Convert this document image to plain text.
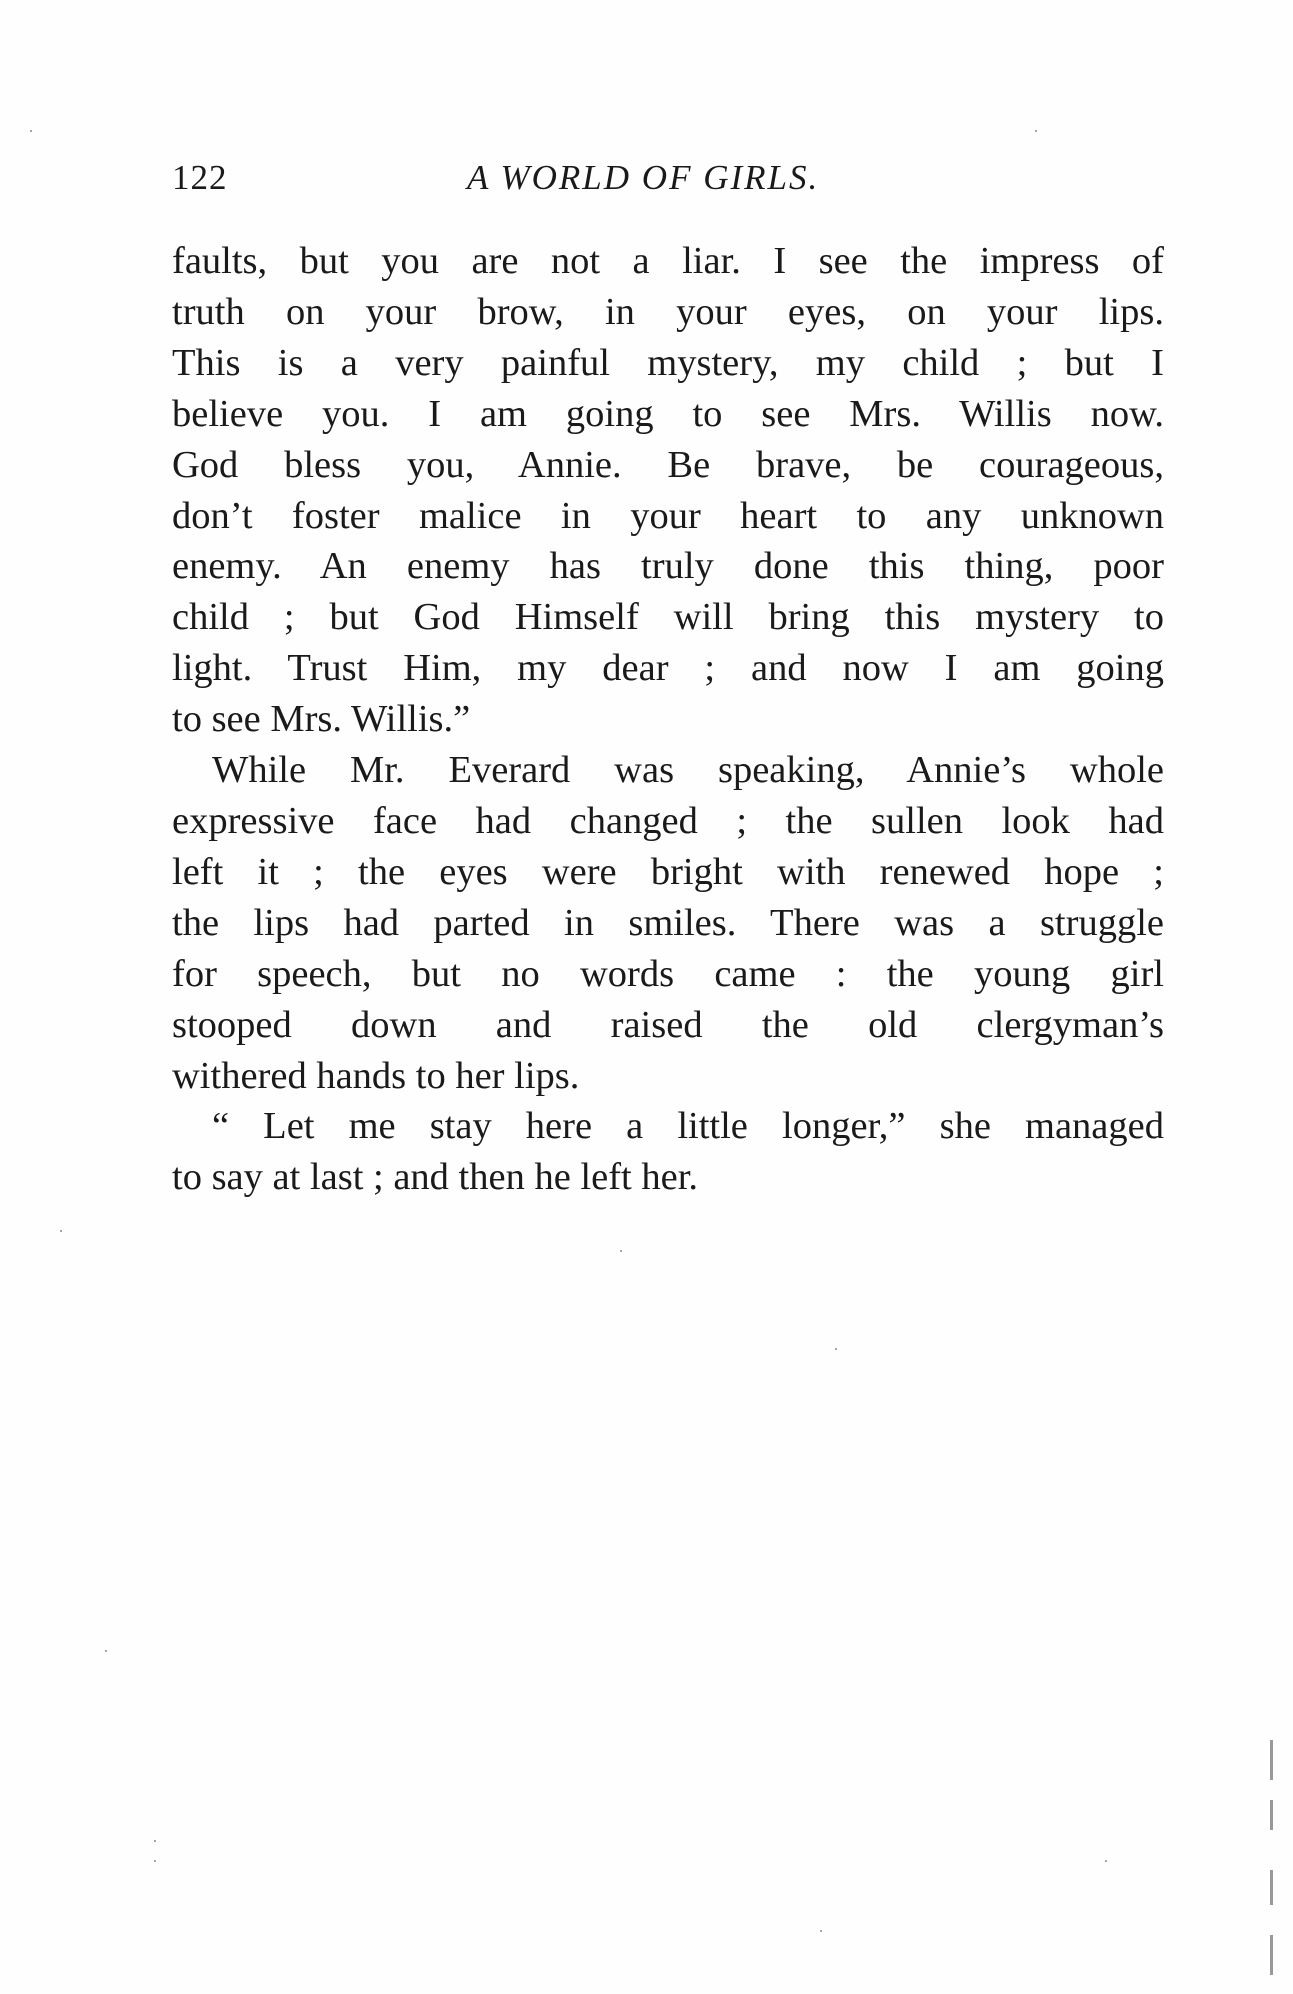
122	A WORLD OF GIRLS.
faults, but you are not a liar. I see the impress of
truth on your brow, in your eyes, on your lips.
This is a very painful mystery, my child ; but I
believe you. I am going to see Mrs. Willis now.
God bless you, Annie. Be brave, be courageous,
don’t foster malice in your heart to any unknown
enemy. An enemy has truly done this thing, poor
child ; but God Himself will bring this mystery to
light. Trust Him, my dear ; and now I am going
to see Mrs. Willis.”
While Mr. Everard was speaking, Annie’s whole
expressive face had changed ; the sullen look had
left it ; the eyes were bright with renewed hope ;
the lips had parted in smiles. There was a struggle
for speech, but no words came : the young girl
stooped down and raised the old clergyman’s
withered hands to her lips.
“ Let me stay here a little longer,” she managed
to say at last ; and then he left her.
